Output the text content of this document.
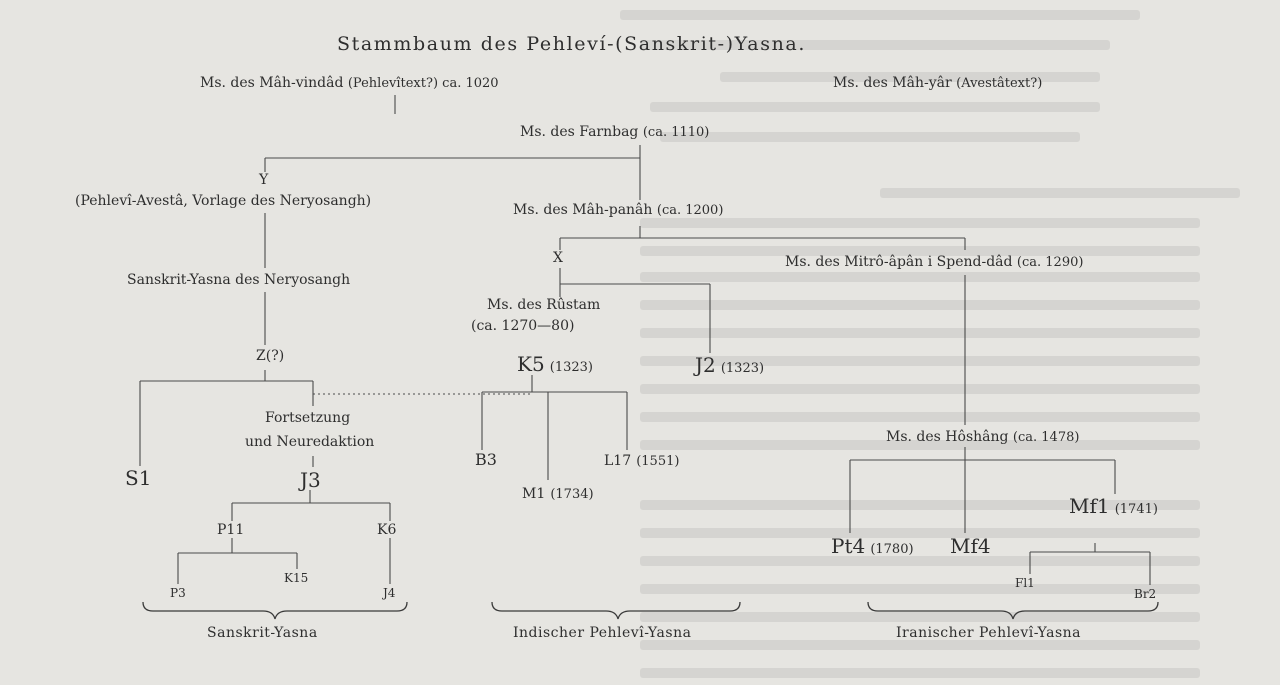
Stammbaum des Pehleví-(Sanskrit-)Yasna.
Ms. des Mâh-vindâd (Pehlevîtext?) ca. 1020	Ms. des Mâh-yâr (Avestâtext?)
Ms. des Farnbag (ca. 1110)
Y
(Pehlevî-Avestâ, Vorlage des Neryosangh)
Ms. des Mâh-panâh (ca. 1200)
X	Ms. des Mitrô-âpân i Spend-dâd (ca. 1290)
Sanskrit-Yasna des Neryosangh
Ms. des Rûstam
(ca. 1270—80)
Z(?)	K5 (1323)	J2 (1323)
Fortsetzung
und Neuredaktion	Ms. des Hôshâng (ca. 1478)
B3	L17 (1551)
S1	J3
M1 (1734)	Mf1 (1741)
P11	K6
Pt4 (1780) Mf4
K15	Fl1
P3	J4	Br2
Sanskrit-Yasna	Indischer Pehlevî-Yasna	Iranischer Pehlevî-Yasna
